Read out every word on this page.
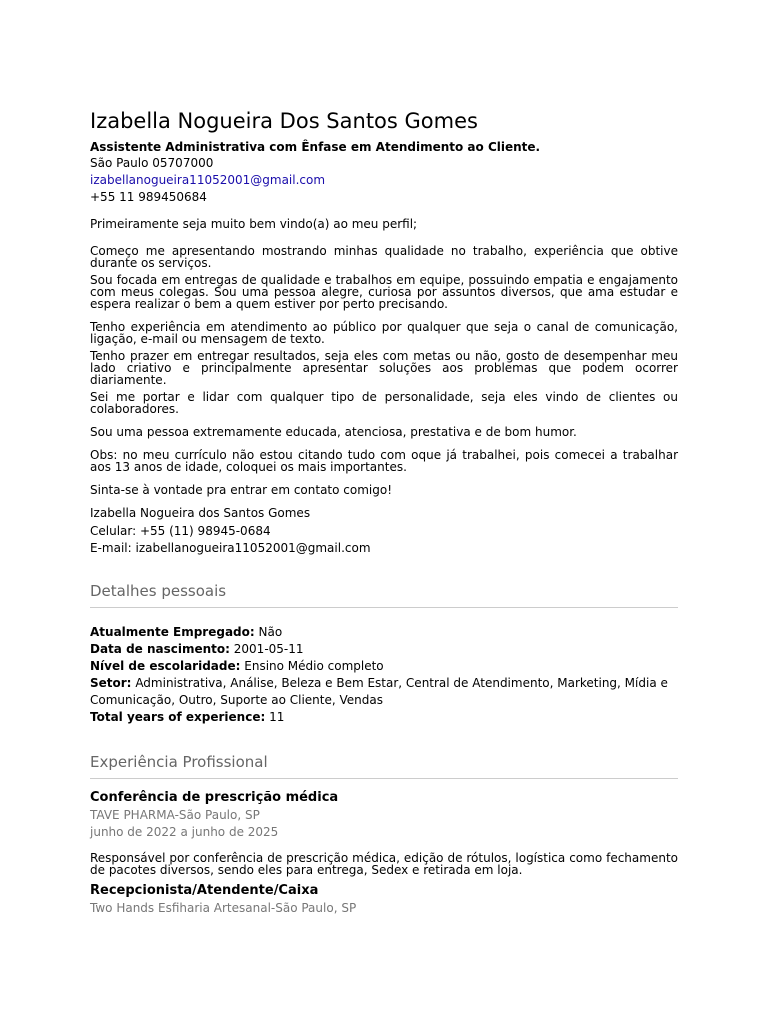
Izabella Nogueira Dos Santos Gomes
Assistente Administrativa com Ênfase em Atendimento ao Cliente.
São Paulo 05707000
izabellanogueira11052001@gmail.com
+55 11 989450684

Primeiramente seja muito bem vindo(a) ao meu perfil;

Começo me apresentando mostrando minhas qualidade no trabalho, experiência que obtive durante os serviços.

Sou focada em entregas de qualidade e trabalhos em equipe, possuindo empatia e engajamento com meus colegas. Sou uma pessoa alegre, curiosa por assuntos diversos, que ama estudar e espera realizar o bem a quem estiver por perto precisando.

Tenho experiência em atendimento ao público por qualquer que seja o canal de comunicação, ligação, e-mail ou mensagem de texto.

Tenho prazer em entregar resultados, seja eles com metas ou não, gosto de desempenhar meu lado criativo e principalmente apresentar soluções aos problemas que podem ocorrer diariamente.

Sei me portar e lidar com qualquer tipo de personalidade, seja eles vindo de clientes ou colaboradores.

Sou uma pessoa extremamente educada, atenciosa, prestativa e de bom humor.

Obs: no meu currículo não estou citando tudo com oque já trabalhei, pois comecei a trabalhar aos 13 anos de idade, coloquei os mais importantes.

Sinta-se à vontade pra entrar em contato comigo!

Izabella Nogueira dos Santos Gomes
Celular: +55 (11) 98945-0684
E-mail: izabellanogueira11052001@gmail.com
Detalhes pessoais
Atualmente Empregado: Não
Data de nascimento: 2001-05-11
Nível de escolaridade: Ensino Médio completo
Setor: Administrativa, Análise, Beleza e Bem Estar, Central de Atendimento, Marketing, Mídia e Comunicação, Outro, Suporte ao Cliente, Vendas
Total years of experience: 11
Experiência Profissional
Conferência de prescrição médica
TAVE PHARMA-São Paulo, SP
junho de 2022 a junho de 2025

Responsável por conferência de prescrição médica, edição de rótulos, logística como fechamento de pacotes diversos, sendo eles para entrega, Sedex e retirada em loja.

Recepcionista/Atendente/Caixa
Two Hands Esfiharia Artesanal-São Paulo, SP
